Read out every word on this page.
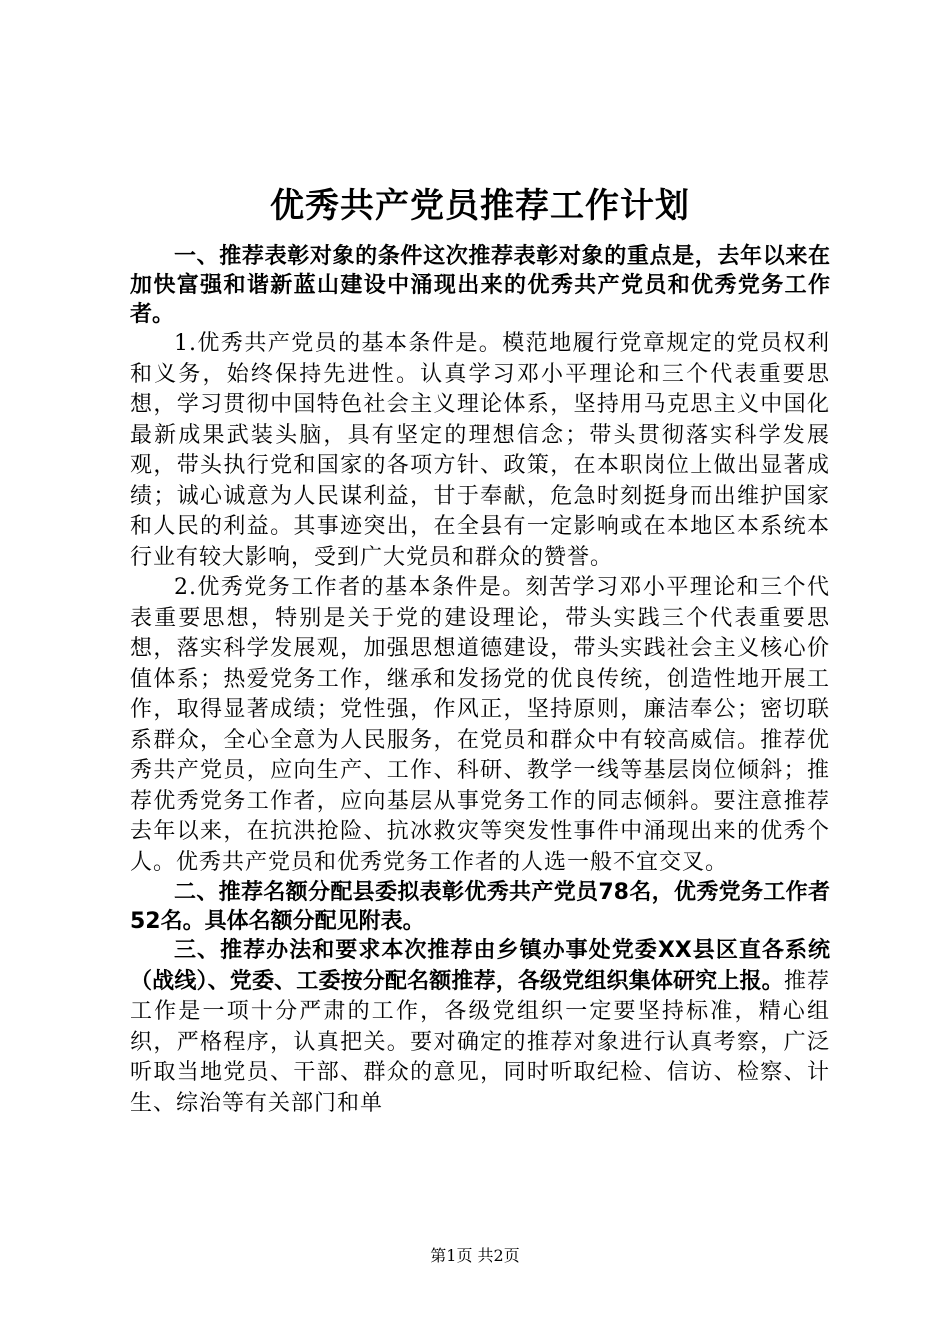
优秀共产党员推荐工作计划

一、推荐表彰对象的条件这次推荐表彰对象的重点是，去年以来在加快富强和谐新蓝山建设中涌现出来的优秀共产党员和优秀党务工作者。

1.优秀共产党员的基本条件是。模范地履行党章规定的党员权利和义务，始终保持先进性。认真学习邓小平理论和三个代表重要思想，学习贯彻中国特色社会主义理论体系，坚持用马克思主义中国化最新成果武装头脑，具有坚定的理想信念；带头贯彻落实科学发展观，带头执行党和国家的各项方针、政策，在本职岗位上做出显著成绩；诚心诚意为人民谋利益，甘于奉献，危急时刻挺身而出维护国家和人民的利益。其事迹突出，在全县有一定影响或在本地区本系统本行业有较大影响，受到广大党员和群众的赞誉。

2.优秀党务工作者的基本条件是。刻苦学习邓小平理论和三个代表重要思想，特别是关于党的建设理论，带头实践三个代表重要思想，落实科学发展观，加强思想道德建设，带头实践社会主义核心价值体系；热爱党务工作，继承和发扬党的优良传统，创造性地开展工作，取得显著成绩；党性强，作风正，坚持原则，廉洁奉公；密切联系群众，全心全意为人民服务，在党员和群众中有较高威信。推荐优秀共产党员，应向生产、工作、科研、教学一线等基层岗位倾斜；推荐优秀党务工作者，应向基层从事党务工作的同志倾斜。要注意推荐去年以来，在抗洪抢险、抗冰救灾等突发性事件中涌现出来的优秀个人。优秀共产党员和优秀党务工作者的人选一般不宜交叉。

二、推荐名额分配县委拟表彰优秀共产党员78名，优秀党务工作者52名。具体名额分配见附表。

三、推荐办法和要求本次推荐由乡镇办事处党委XX县区直各系统（战线）、党委、工委按分配名额推荐，各级党组织集体研究上报。推荐工作是一项十分严肃的工作，各级党组织一定要坚持标准，精心组织，严格程序，认真把关。要对确定的推荐对象进行认真考察，广泛听取当地党员、干部、群众的意见，同时听取纪检、信访、检察、计生、综治等有关部门和单

第1页 共2页
